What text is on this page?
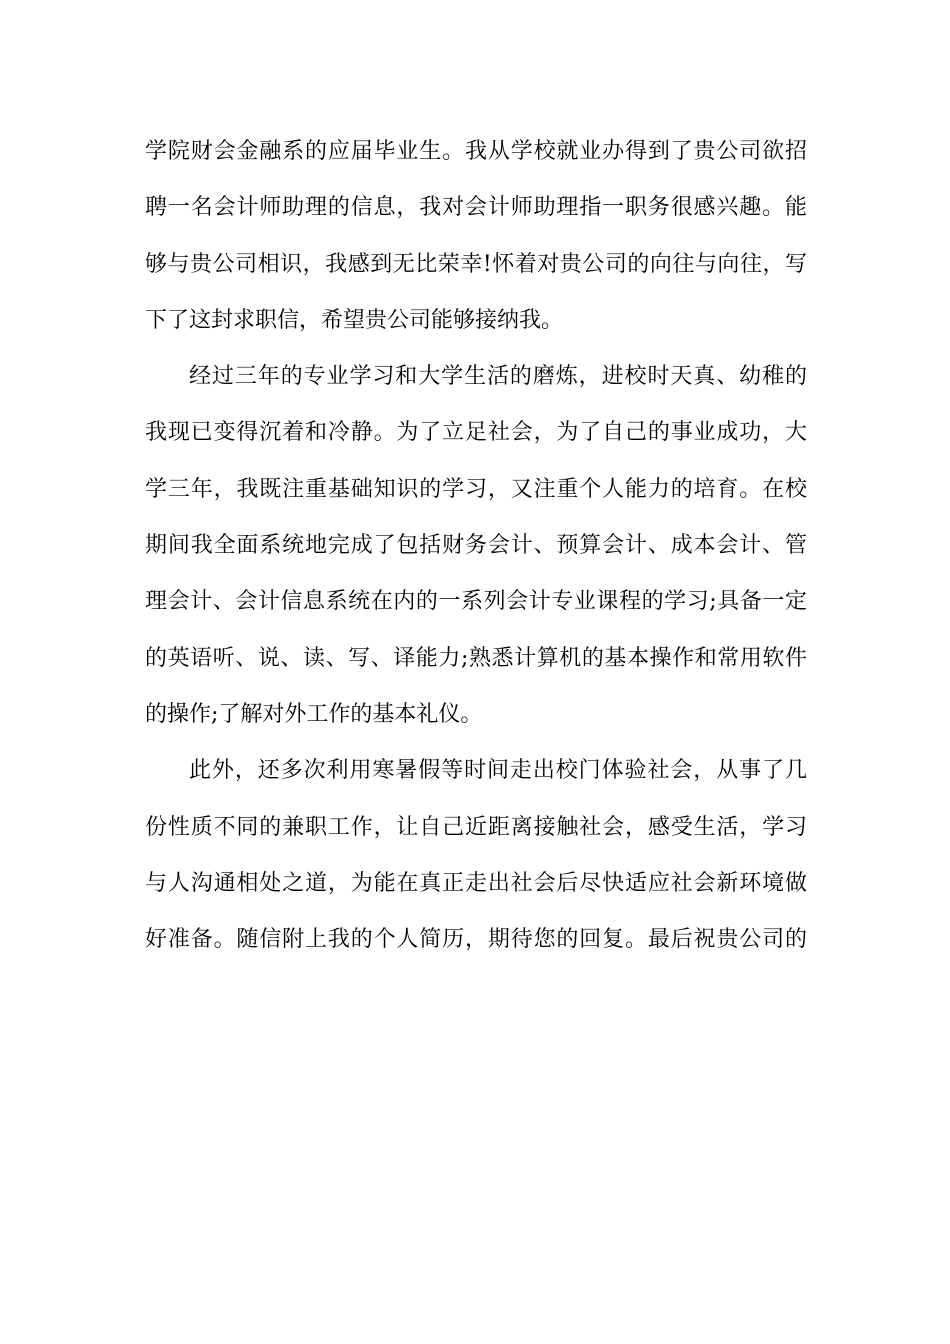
学院财会金融系的应届毕业生。我从学校就业办得到了贵公司欲招
聘一名会计师助理的信息，我对会计师助理指一职务很感兴趣。能
够与贵公司相识，我感到无比荣幸!怀着对贵公司的向往与向往，写
下了这封求职信，希望贵公司能够接纳我。
经过三年的专业学习和大学生活的磨炼，进校时天真、幼稚的
我现已变得沉着和冷静。为了立足社会，为了自己的事业成功，大
学三年，我既注重基础知识的学习，又注重个人能力的培育。在校
期间我全面系统地完成了包括财务会计、预算会计、成本会计、管
理会计、会计信息系统在内的一系列会计专业课程的学习;具备一定
的英语听、说、读、写、译能力;熟悉计算机的基本操作和常用软件
的操作;了解对外工作的基本礼仪。
此外，还多次利用寒暑假等时间走出校门体验社会，从事了几
份性质不同的兼职工作，让自己近距离接触社会，感受生活，学习
与人沟通相处之道，为能在真正走出社会后尽快适应社会新环境做
好准备。随信附上我的个人简历，期待您的回复。最后祝贵公司的
